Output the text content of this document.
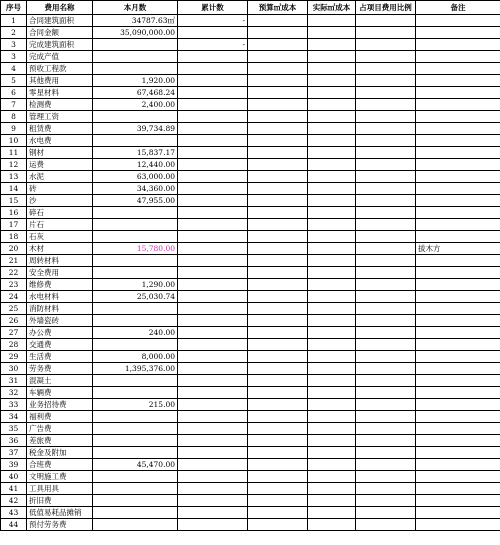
序号	费用名称	本月数	累计数	预算㎡成本	实际㎡成本	占项目费用比例	备注
1	合同建筑面积	34787.63㎡	-				
2	合同金额	35,090,000.00					
3	完成建筑面积		-				
3	完成产值						
4	预收工程款						
5	其他费用	1,920.00					
6	零星材料	67,468.24					
7	检测费	2,400.00					
8	管理工资						
9	租赁费	39,734.89					
10	水电费						
11	钢材	15,837.17					
12	运费	12,440.00					
13	水泥	63,000.00					
14	砖	34,360.00					
15	沙	47,955.00					
16	碎石						
17	片石						
18	石灰						
20	木材	15,780.00					拔木方
21	周转材料						
22	安全费用						
23	维修费	1,290.00					
24	水电材料	25,030.74					
25	消防材料						
26	外墙瓷砖						
27	办公费	240.00					
28	交通费						
29	生活费	8,000.00					
30	劳务费	1,395,376.00					
31	混凝土						
32	车辆费						
33	业务招待费	215.00					
34	福利费						
35	广告费						
36	差旅费						
37	税金及附加						
39	合班费	45,470.00					
40	文明施工费						
41	工具用具						
42	折旧费						
43	低值易耗品摊销						
44	预付劳务费						
